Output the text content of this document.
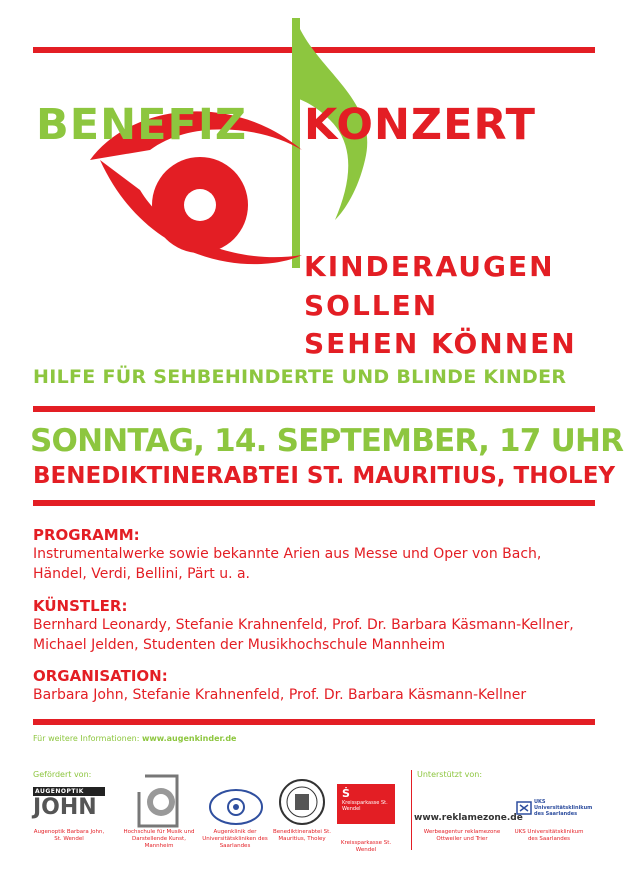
BENEFIZ KONZERT
KINDERAUGEN
SOLLEN
SEHEN KÖNNEN
HILFE FÜR SEHBEHINDERTE UND BLINDE KINDER
SONNTAG, 14. SEPTEMBER, 17 UHR
BENEDIKTINERABTEI ST. MAURITIUS, THOLEY
PROGRAMM:
Instrumentalwerke sowie bekannte Arien aus Messe und Oper von Bach, Händel, Verdi, Bellini, Pärt u. a.
KÜNSTLER:
Bernhard Leonardy, Stefanie Krahnenfeld, Prof. Dr. Barbara Käsmann-Kellner, Michael Jelden, Studenten der Musikhochschule Mannheim
ORGANISATION:
Barbara John, Stefanie Krahnenfeld, Prof. Dr. Barbara Käsmann-Kellner
Für weitere Informationen: www.augenkinder.de
Gefördert von:	Unterstützt von:
AUGENOPTIK
JOHN
Augenoptik Barbara John, St. Wendel
Hochschule für Musik und Darstellende Kunst, Mannheim
Augenklinik der Universitätskliniken des Saarlandes
Benediktinerabtei St. Mauritius, Tholey
Ṡ
Kreissparkasse St. Wendel
Kreissparkasse St. Wendel
www.reklamezone.de
Werbeagentur reklamezone Ottweiler und Trier
UKS Universitätsklinikum des Saarlandes
UKS Universitätsklinikum des Saarlandes
